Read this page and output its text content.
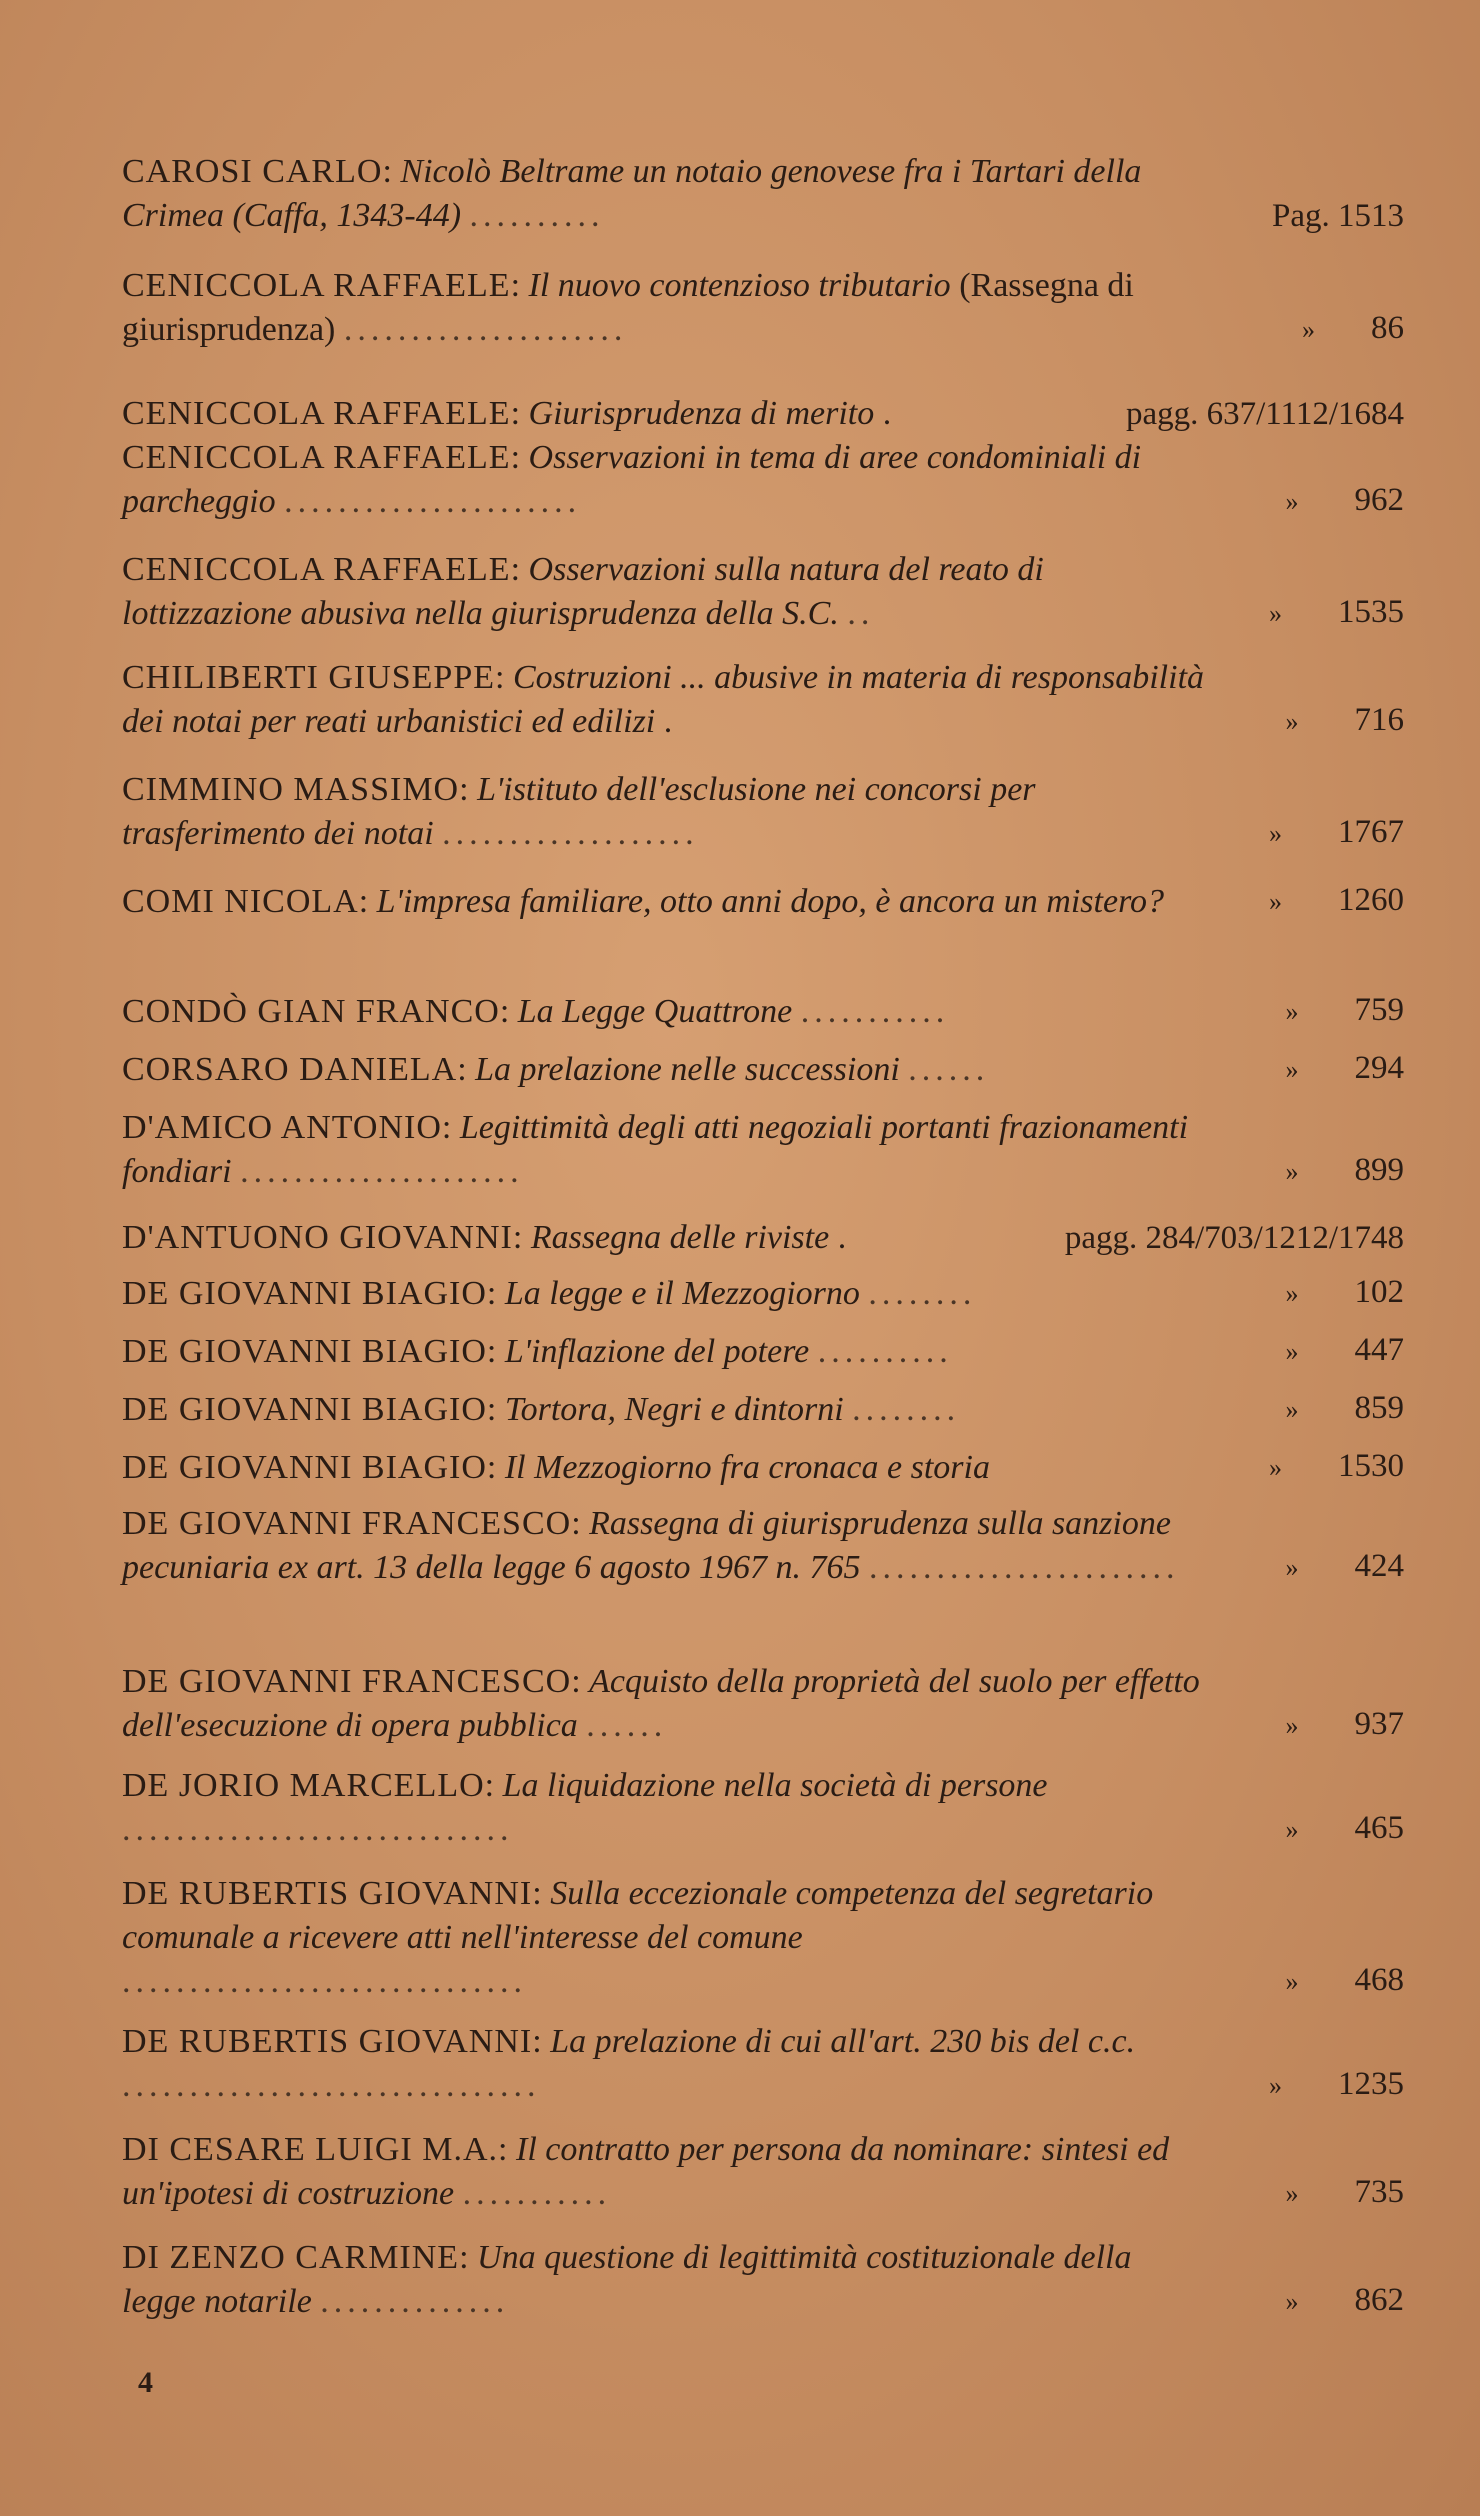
CAROSI CARLO: Nicolò Beltrame un notaio genovese fra i Tartari della Crimea (Caffa, 1343-44) ..........	Pag. 1513
CENICCOLA RAFFAELE: Il nuovo contenzioso tributario (Rassegna di giurisprudenza) .....................	» 86
CENICCOLA RAFFAELE: Giurisprudenza di merito .	pagg. 637/1112/1684
CENICCOLA RAFFAELE: Osservazioni in tema di aree condominiali di parcheggio ......................	» 962
CENICCOLA RAFFAELE: Osservazioni sulla natura del reato di lottizzazione abusiva nella giurisprudenza della S.C. ..	» 1535
CHILIBERTI GIUSEPPE: Costruzioni ... abusive in materia di responsabilità dei notai per reati urbanistici ed edilizi .	» 716
CIMMINO MASSIMO: L'istituto dell'esclusione nei concorsi per trasferimento dei notai ...................	» 1767
COMI NICOLA: L'impresa familiare, otto anni dopo, è ancora un mistero?	» 1260
CONDÒ GIAN FRANCO: La Legge Quattrone ...........	» 759
CORSARO DANIELA: La prelazione nelle successioni ......	» 294
D'AMICO ANTONIO: Legittimità degli atti negoziali portanti frazionamenti fondiari .....................	» 899
D'ANTUONO GIOVANNI: Rassegna delle riviste .	pagg. 284/703/1212/1748
DE GIOVANNI BIAGIO: La legge e il Mezzogiorno ........	» 102
DE GIOVANNI BIAGIO: L'inflazione del potere ..........	» 447
DE GIOVANNI BIAGIO: Tortora, Negri e dintorni ........	» 859
DE GIOVANNI BIAGIO: Il Mezzogiorno fra cronaca e storia	» 1530
DE GIOVANNI FRANCESCO: Rassegna di giurisprudenza sulla sanzione pecuniaria ex art. 13 della legge 6 agosto 1967 n. 765 .......................	» 424
DE GIOVANNI FRANCESCO: Acquisto della proprietà del suolo per effetto dell'esecuzione di opera pubblica ......	» 937
DE JORIO MARCELLO: La liquidazione nella società di persone .............................	» 465
DE RUBERTIS GIOVANNI: Sulla eccezionale competenza del segretario comunale a ricevere atti nell'interesse del comune ..............................	» 468
DE RUBERTIS GIOVANNI: La prelazione di cui all'art. 230 bis del c.c. ...............................	» 1235
DI CESARE LUIGI M.A.: Il contratto per persona da nominare: sintesi ed un'ipotesi di costruzione ...........	» 735
DI ZENZO CARMINE: Una questione di legittimità costituzionale della legge notarile ..............	» 862
4
